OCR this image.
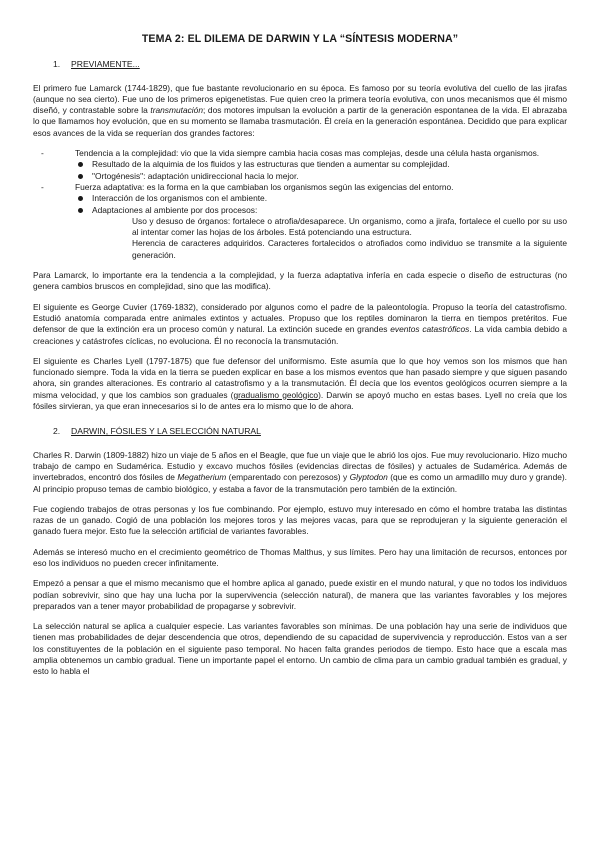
TEMA 2: EL DILEMA DE DARWIN Y LA “SÍNTESIS MODERNA”
1. PREVIAMENTE...

El primero fue Lamarck (1744-1829), que fue bastante revolucionario en su época. Es famoso por su teoría evolutiva del cuello de las jirafas (aunque no sea cierto). Fue uno de los primeros epigenetistas. Fue quien creo la primera teoría evolutiva, con unos mecanismos que él mismo diseñó, y contrastable sobre la transmutación; dos motores impulsan la evolución a partir de la generación espontanea de la vida. El abrazaba lo que llamamos hoy evolución, que en su momento se llamaba trasmutación. Él creía en la generación espontánea. Decidido que para explicar esos avances de la vida se requerían dos grandes factores:

- Tendencia a la complejidad: vio que la vida siempre cambia hacia cosas mas complejas, desde una célula hasta organismos.
Resultado de la alquimia de los fluidos y las estructuras que tienden a aumentar su complejidad.
"Ortogénesis": adaptación unidireccional hacia lo mejor.
- Fuerza adaptativa: es la forma en la que cambiaban los organismos según las exigencias del entorno.
Interacción de los organismos con el ambiente.
Adaptaciones al ambiente por dos procesos:
Uso y desuso de órganos: fortalece o atrofia/desaparece. Un organismo, como a jirafa, fortalece el cuello por su uso al intentar comer las hojas de los árboles. Está potenciando una estructura.
Herencia de caracteres adquiridos. Caracteres fortalecidos o atrofiados como individuo se transmite a la siguiente generación.

Para Lamarck, lo importante era la tendencia a la complejidad, y la fuerza adaptativa infería en cada especie o diseño de estructuras (no genera cambios bruscos en complejidad, sino que las modifica).

El siguiente es George Cuvier (1769-1832), considerado por algunos como el padre de la paleontología. Propuso la teoría del catastrofismo. Estudió anatomía comparada entre animales extintos y actuales. Propuso que los reptiles dominaron la tierra en tiempos pretéritos. Fue defensor de que la extinción era un proceso común y natural. La extinción sucede en grandes eventos catastróficos. La vida cambia debido a creaciones y catástrofes cíclicas, no evoluciona. Él no reconocía la transmutación.

El siguiente es Charles Lyell (1797-1875) que fue defensor del uniformismo. Este asumía que lo que hoy vemos son los mismos que han funcionado siempre. Toda la vida en la tierra se pueden explicar en base a los mismos eventos que han pasado siempre y que siguen pasando ahora, sin grandes alteraciones. Es contrario al catastrofismo y a la transmutación. Él decía que los eventos geológicos ocurren siempre a la misma velocidad, y que los cambios son graduales (gradualismo geológico). Darwin se apoyó mucho en estas bases. Lyell no creía que los fósiles sirvieran, ya que eran innecesarios si lo de antes era lo mismo que lo de ahora.

2. DARWIN, FÓSILES Y LA SELECCIÓN NATURAL

Charles R. Darwin (1809-1882) hizo un viaje de 5 años en el Beagle, que fue un viaje que le abrió los ojos. Fue muy revolucionario. Hizo mucho trabajo de campo en Sudamérica. Estudio y excavo muchos fósiles (evidencias directas de fósiles) y actuales de Sudamérica. Además de invertebrados, encontró dos fósiles de Megatherium (emparentado con perezosos) y Glyptodon (que es como un armadillo muy duro y grande). Al principio propuso temas de cambio biológico, y estaba a favor de la transmutación pero también de la extinción.

Fue cogiendo trabajos de otras personas y los fue combinando. Por ejemplo, estuvo muy interesado en cómo el hombre trataba las distintas razas de un ganado. Cogió de una población los mejores toros y las mejores vacas, para que se reprodujeran y la siguiente generación el ganado fuera mejor. Esto fue la selección artificial de variantes favorables.

Además se interesó mucho en el crecimiento geométrico de Thomas Malthus, y sus límites. Pero hay una limitación de recursos, entonces por eso los individuos no pueden crecer infinitamente.

Empezó a pensar a que el mismo mecanismo que el hombre aplica al ganado, puede existir en el mundo natural, y que no todos los individuos podían sobrevivir, sino que hay una lucha por la supervivencia (selección natural), de manera que las variantes favorables y los mejores preparados van a tener mayor probabilidad de propagarse y sobrevivir.

La selección natural se aplica a cualquier especie. Las variantes favorables son mínimas. De una población hay una serie de individuos que tienen mas probabilidades de dejar descendencia que otros, dependiendo de su capacidad de supervivencia y reproducción. Estos van a ser los constituyentes de la población en el siguiente paso temporal. No hacen falta grandes periodos de tiempo. Esto hace que a escala mas amplia obtenemos un cambio gradual. Tiene un importante papel el entorno. Un cambio de clima para un cambio gradual también es gradual, y esto lo habla el
